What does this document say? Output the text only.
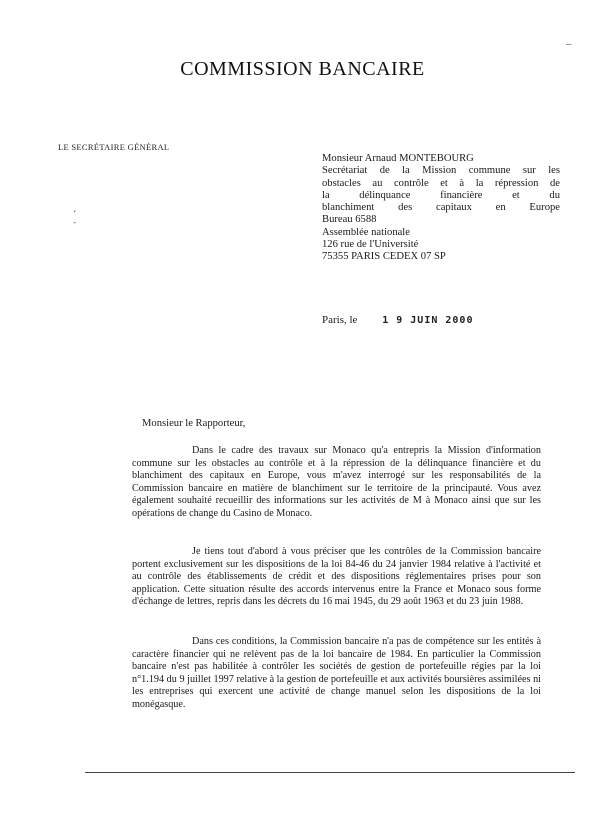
COMMISSION BANCAIRE
LE SECRÉTAIRE GÉNÉRAL
Monsieur Arnaud MONTEBOURG
Secrétariat de la Mission commune sur les
obstacles au contrôle et à la répression de
la délinquance financière et du
blanchiment des capitaux en Europe
Bureau 6588
Assemblée nationale
126 rue de l'Université
75355 PARIS CEDEX 07 SP
Paris, le 1 9 JUIN 2000
Monsieur le Rapporteur,

Dans le cadre des travaux sur Monaco qu'a entrepris la Mission d'information commune sur les obstacles au contrôle et à la répression de la délinquance financière et du blanchiment des capitaux en Europe, vous m'avez interrogé sur les responsabilités de la Commission bancaire en matière de blanchiment sur le territoire de la principauté. Vous avez également souhaité recueillir des informations sur les activités de M à Monaco ainsi que sur les opérations de change du Casino de Monaco.

Je tiens tout d'abord à vous préciser que les contrôles de la Commission bancaire portent exclusivement sur les dispositions de la loi 84-46 du 24 janvier 1984 relative à l'activité et au contrôle des établissements de crédit et des dispositions réglementaires prises pour son application. Cette situation résulte des accords intervenus entre la France et Monaco sous forme d'échange de lettres, repris dans les décrets du 16 mai 1945, du 29 août 1963 et du 23 juin 1988.

Dans ces conditions, la Commission bancaire n'a pas de compétence sur les entités à caractère financier qui ne relèvent pas de la loi bancaire de 1984. En particulier la Commission bancaire n'est pas habilitée à contrôler les sociétés de gestion de portefeuille régies par la loi n°1.194 du 9 juillet 1997 relative à la gestion de portefeuille et aux activités boursières assimilées ni les entreprises qui exercent une activité de change manuel selon les dispositions de la loi monégasque.

—
.
-
